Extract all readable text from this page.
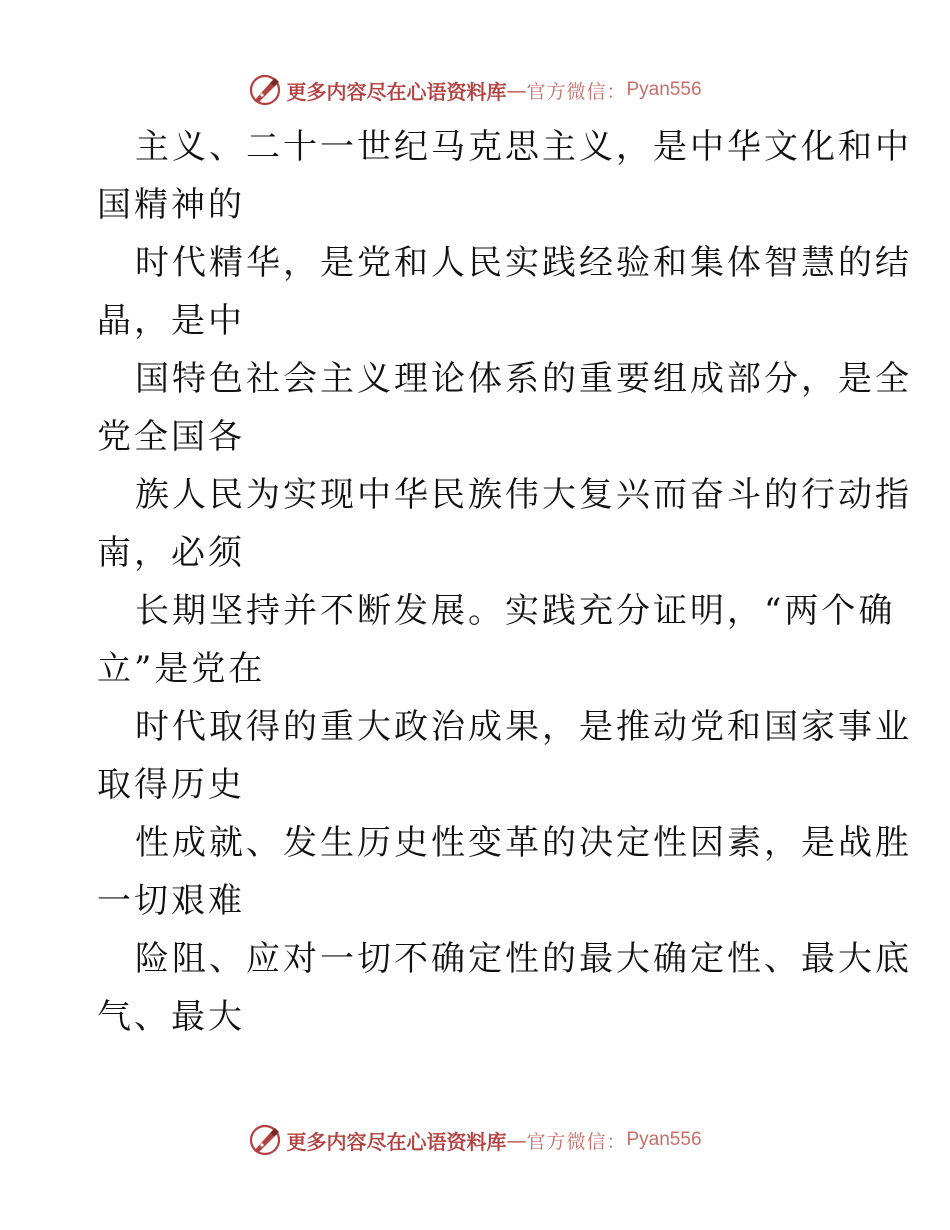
更多内容尽在心语资料库 — 官方微信： Pyan556

主义、二十一世纪马克思主义，是中华文化和中
国精神的

时代精华，是党和人民实践经验和集体智慧的结
晶，是中

国特色社会主义理论体系的重要组成部分，是全
党全国各

族人民为实现中华民族伟大复兴而奋斗的行动指
南，必须

长期坚持并不断发展。实践充分证明，“两个确
立”是党在

时代取得的重大政治成果，是推动党和国家事业
取得历史

性成就、发生历史性变革的决定性因素，是战胜
一切艰难

险阻、应对一切不确定性的最大确定性、最大底
气、最大

更多内容尽在心语资料库 — 官方微信： Pyan556
